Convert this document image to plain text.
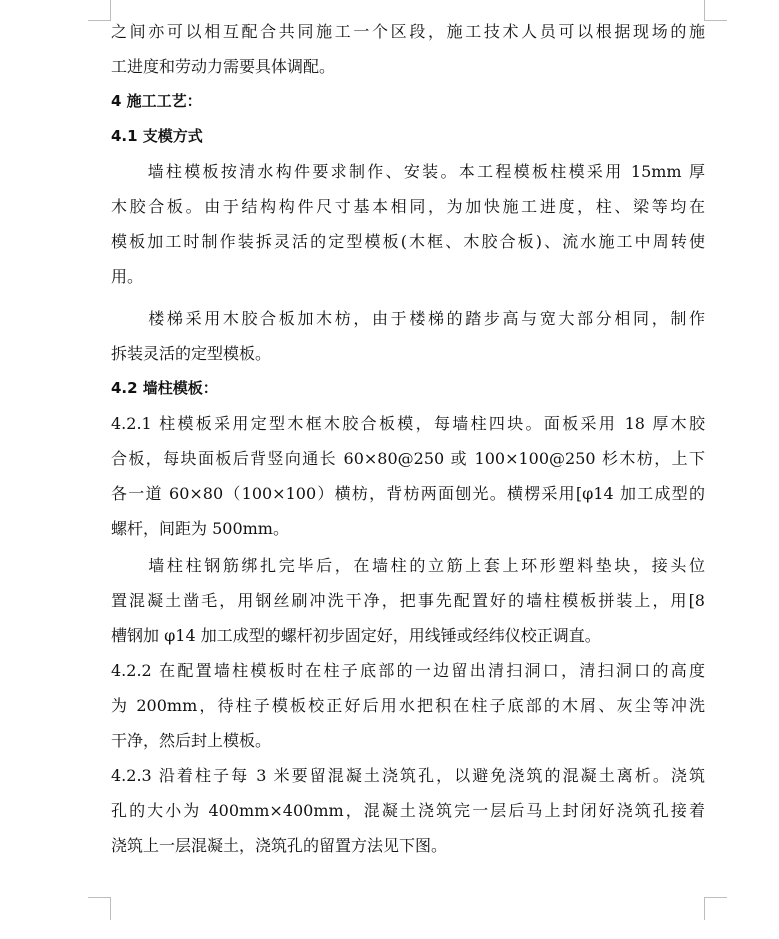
之间亦可以相互配合共同施工一个区段，施工技术人员可以根据现场的施
工进度和劳动力需要具体调配。
4 施工工艺：
4.1 支模方式
　　墙柱模板按清水构件要求制作、安装。本工程模板柱模采用 15mm 厚
木胶合板。由于结构构件尺寸基本相同，为加快施工进度，柱、梁等均在
模板加工时制作装拆灵活的定型模板(木框、木胶合板)、流水施工中周转使
用。
　　楼梯采用木胶合板加木枋，由于楼梯的踏步高与宽大部分相同，制作
拆装灵活的定型模板。
4.2 墙柱模板：
4.2.1 柱模板采用定型木框木胶合板模，每墙柱四块。面板采用 18 厚木胶
合板，每块面板后背竖向通长 60×80@250 或 100×100@250 杉木枋，上下
各一道 60×80（100×100）横枋，背枋两面刨光。横楞采用[φ14 加工成型的
螺杆，间距为 500mm。
　　墙柱柱钢筋绑扎完毕后，在墙柱的立筋上套上环形塑料垫块，接头位
置混凝土凿毛，用钢丝刷冲洗干净，把事先配置好的墙柱模板拼装上，用[8
槽钢加 φ14 加工成型的螺杆初步固定好，用线锤或经纬仪校正调直。
4.2.2 在配置墙柱模板时在柱子底部的一边留出清扫洞口，清扫洞口的高度
为 200mm，待柱子模板校正好后用水把积在柱子底部的木屑、灰尘等冲洗
干净，然后封上模板。
4.2.3 沿着柱子每 3 米要留混凝土浇筑孔，以避免浇筑的混凝土离析。浇筑
孔的大小为 400mm×400mm，混凝土浇筑完一层后马上封闭好浇筑孔接着
浇筑上一层混凝土，浇筑孔的留置方法见下图。
